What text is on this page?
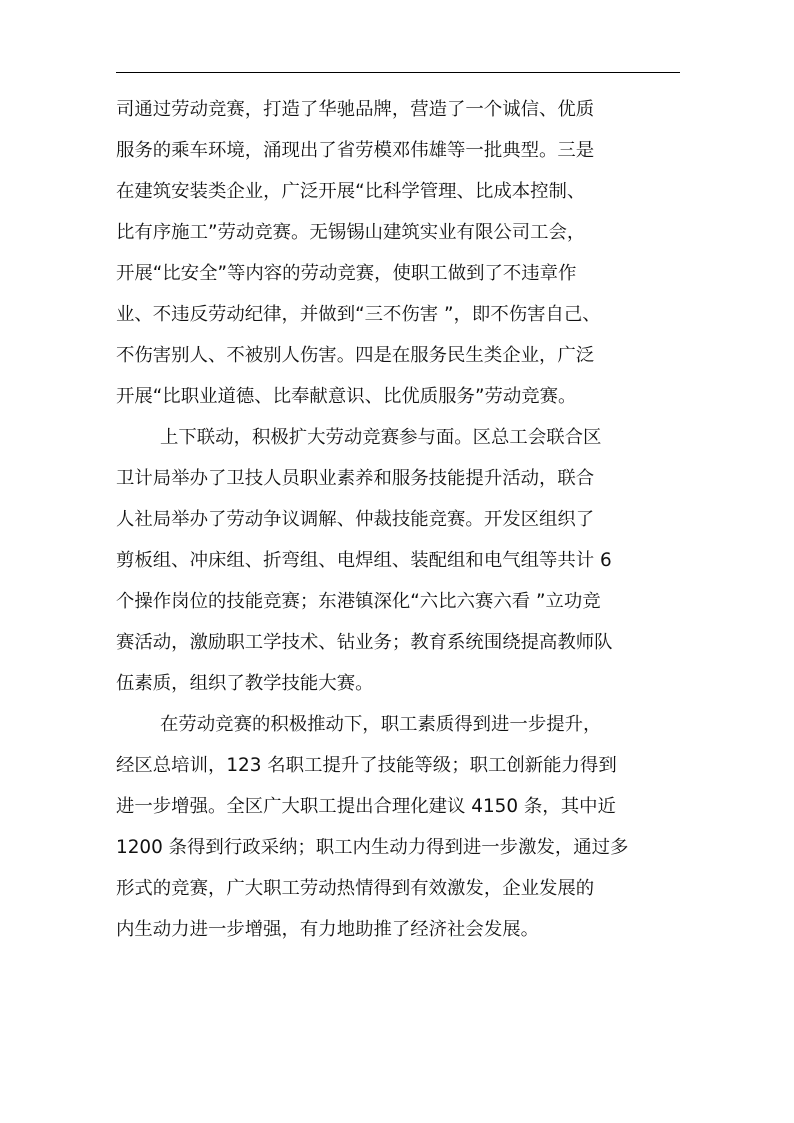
司通过劳动竞赛，打造了华驰品牌，营造了一个诚信、优质
服务的乘车环境，涌现出了省劳模邓伟雄等一批典型。三是
在建筑安装类企业，广泛开展“比科学管理、比成本控制、
比有序施工”劳动竞赛。无锡锡山建筑实业有限公司工会，
开展“比安全”等内容的劳动竞赛，使职工做到了不违章作
业、不违反劳动纪律，并做到“三不伤害 ”，即不伤害自己、
不伤害别人、不被别人伤害。四是在服务民生类企业，广泛
开展“比职业道德、比奉献意识、比优质服务”劳动竞赛。
上下联动，积极扩大劳动竞赛参与面。区总工会联合区
卫计局举办了卫技人员职业素养和服务技能提升活动，联合
人社局举办了劳动争议调解、仲裁技能竞赛。开发区组织了
剪板组、冲床组、折弯组、电焊组、装配组和电气组等共计 6
个操作岗位的技能竞赛；东港镇深化“六比六赛六看 ”立功竞
赛活动，激励职工学技术、钻业务；教育系统围绕提高教师队
伍素质，组织了教学技能大赛。
在劳动竞赛的积极推动下，职工素质得到进一步提升，
经区总培训，123 名职工提升了技能等级；职工创新能力得到
进一步增强。全区广大职工提出合理化建议 4150 条，其中近
1200 条得到行政采纳；职工内生动力得到进一步激发，通过多
形式的竞赛，广大职工劳动热情得到有效激发，企业发展的
内生动力进一步增强，有力地助推了经济社会发展。
